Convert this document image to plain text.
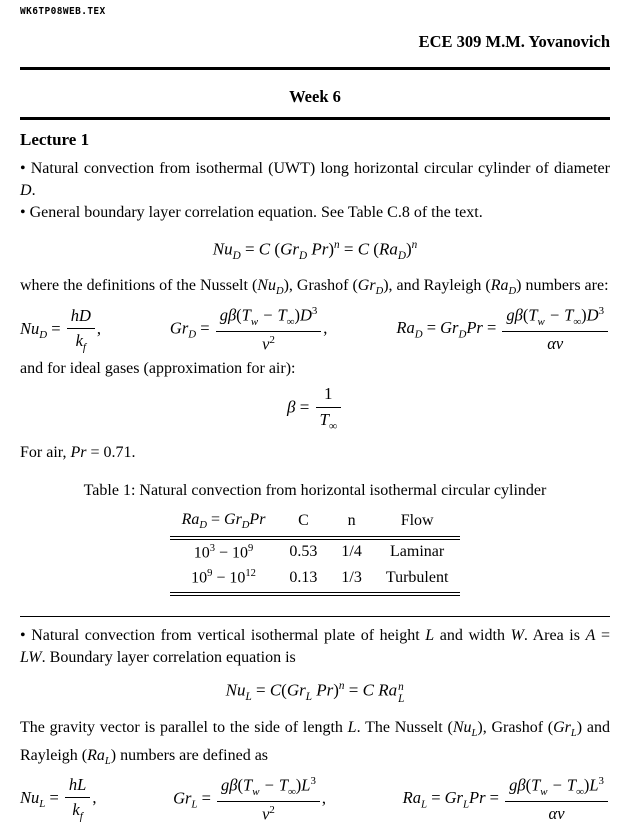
WK6TP08WEB.TEX
ECE 309 M.M. Yovanovich
Week 6
Lecture 1

• Natural convection from isothermal (UWT) long horizontal circular cylinder of diameter D.

• General boundary layer correlation equation. See Table C.8 of the text.

$Nu_D = C$ ($Gr_D$ Pr)$^n$ = C $(Ra_D)^n$

where the definitions of the Nusselt $(Nu_D)$, Grashof $(Gr_D)$, and Rayleigh $(Ra_D)$ numbers are:

$Nu_D = \frac{hD}{k_f}$ ,	$Gr_D = \frac{g\beta(T_w - T_\infty)D^3}{\nu^2}$ ,	$Ra_D = Gr_DPr = \frac{g\beta(T_w - T_\infty)D^3}{\alpha\nu}$

and for ideal gases (approximation for air):

$\beta = \frac{1}{T_\infty}$

For air, Pr = 0.71.

Table 1: Natural convection from horizontal isothermal circular cylinder
$Ra_D = Gr_DPr$	C	n	Flow
$10^3 - 10^9$	0.53	1/4	Laminar
$10^9 - 10^{12}$	0.13	1/3	Turbulent

• Natural convection from vertical isothermal plate of height L and width W. Area is A = LW. Boundary layer correlation equation is

$Nu_L = C(Gr_L$ Pr)$^n$ = C Ra n
L

The gravity vector is parallel to the side of length L. The Nusselt $(Nu_L)$, Grashof $(Gr_L)$ and Rayleigh $(Ra_L)$ numbers are defined as

$Nu_L = \frac{hL}{k_f}$ ,	$Gr_L = \frac{g\beta(T_w - T_\infty)L^3}{\nu^2}$ ,	$Ra_L = Gr_LPr = \frac{g\beta(T_w - T_\infty)L^3}{\alpha\nu}$
